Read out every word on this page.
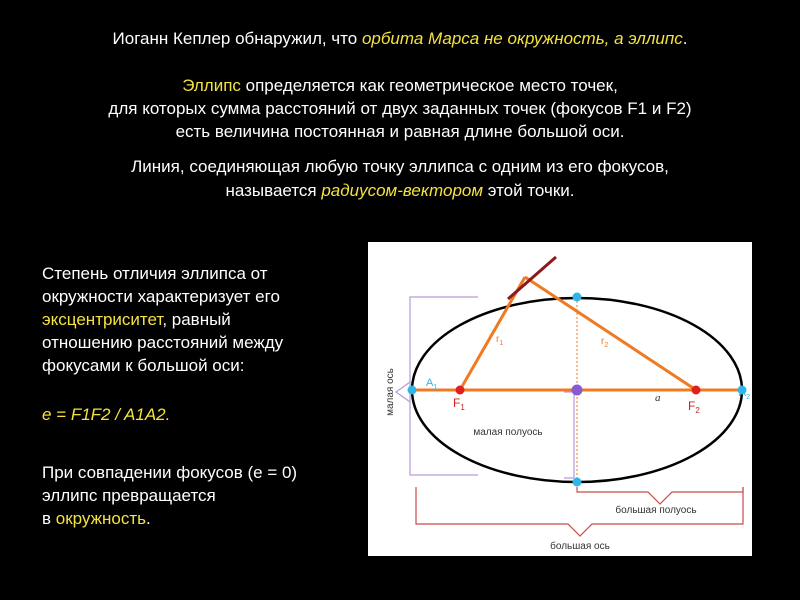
Иоганн Кеплер обнаружил, что орбита Марса не окружность, а эллипс.
Эллипс определяется как геометрическое место точек,
для которых сумма расстояний от двух заданных точек (фокусов F1 и F2)
есть величина постоянная и равная длине большой оси.
Линия, соединяющая любую точку эллипса с одним из его фокусов,
называется радиусом-вектором этой точки.
Степень отличия эллипса от
окружности характеризует его
эксцентриситет, равный
отношению расстояний между
фокусами к большой оси:
e = F1F2 / A1A2.
При совпадении фокусов (e = 0)
эллипс превращается
в окружность.
малая ось	$A_1$	$A_2$
$F_1$	$F_2$
$r_1$	$r_2$
a
малая полуось
большая полуось
большая ось
